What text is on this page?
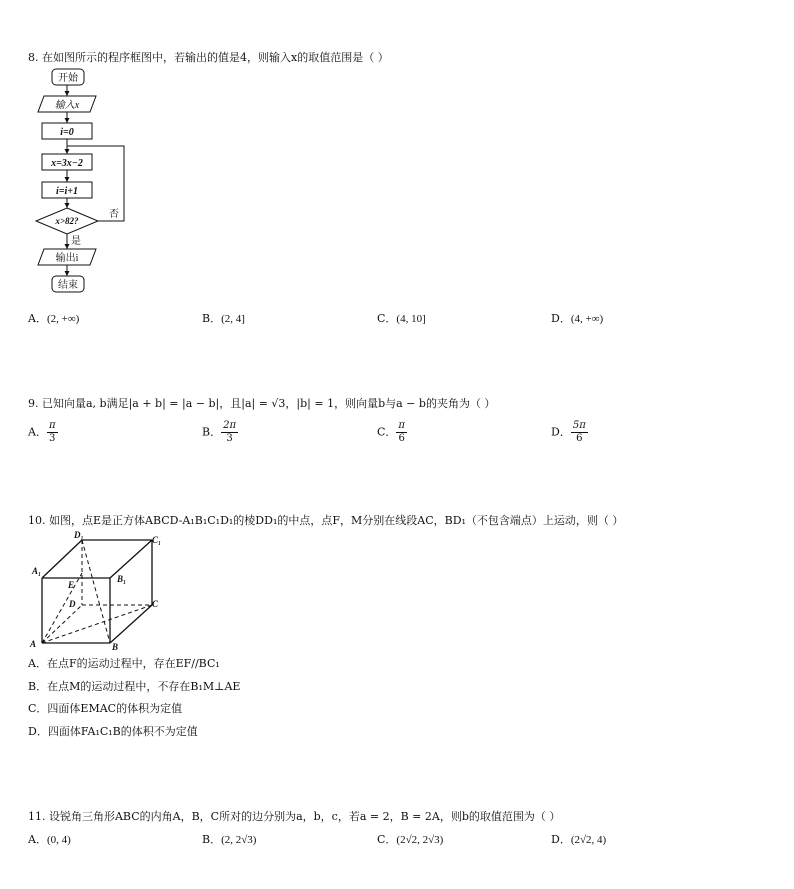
8. 在如图所示的程序框图中，若输出的值是4，则输入x的取值范围是（ ）
开始
输入x
i=0
x=3x−2
i=i+1
x>82?
否
是
输出i
结束
A．(2, +∞)	B．(2, 4]	C．(4, 10]	D．(4, +∞)
9. 已知向量a, b满足|a + b| = |a − b|，且|a| = √3，|b| = 1，则向量b与a − b的夹角为（ ）
A． $\frac{\pi}{3}$	B． $\frac{2\pi}{3}$	C． $\frac{\pi}{6}$	D． $\frac{5\pi}{6}$
10. 如图，点E是正方体ABCD-A₁B₁C₁D₁的棱DD₁的中点，点F，M分别在线段AC，BD₁（不包含端点）上运动，则（ ）
D₁	C₁
A₁
B₁
E
D	C
A	B
A．在点F的运动过程中，存在EF//BC₁
B．在点M的运动过程中，不存在B₁M⊥AE
C．四面体EMAC的体积为定值
D．四面体FA₁C₁B的体积不为定值
11. 设锐角三角形ABC的内角A，B，C所对的边分别为a，b，c，若a = 2，B = 2A，则b的取值范围为（ ）
A．(0, 4)	B．(2, 2√3)	C．(2√2, 2√3)	D．(2√2, 4)
